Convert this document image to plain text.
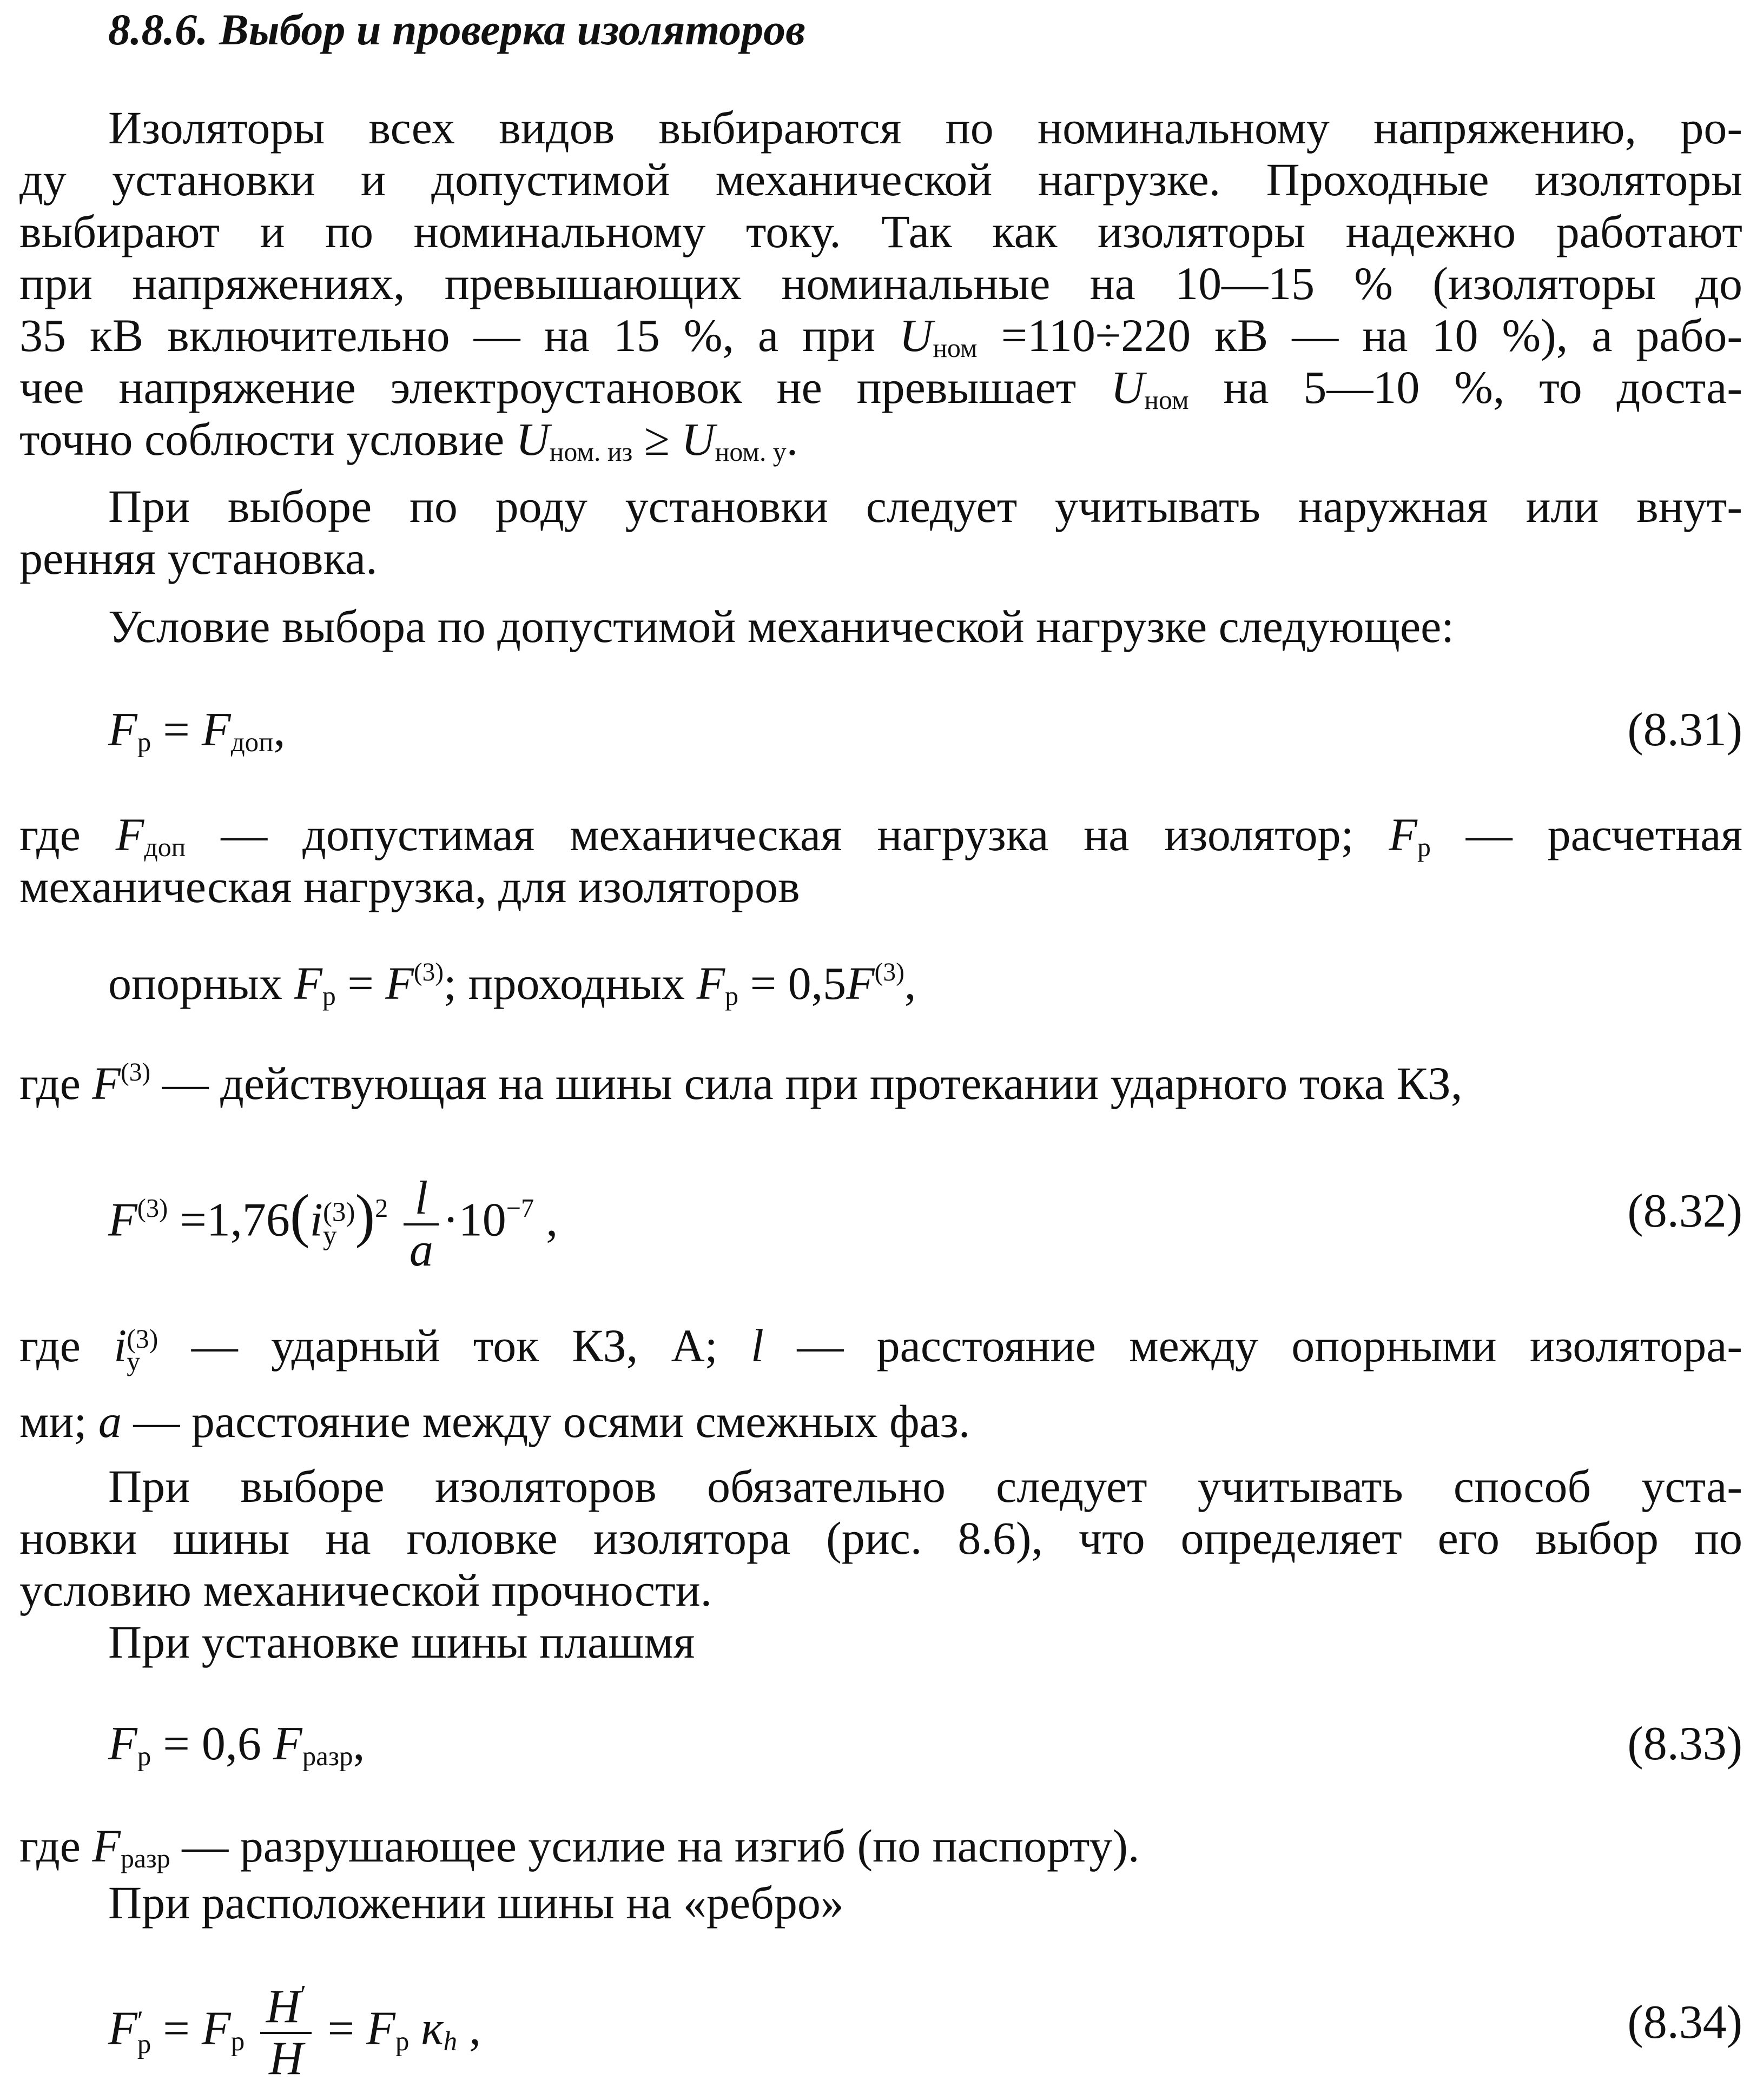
8.8.6. Выбор и проверка изоляторов
Изоляторы всех видов выбираются по номинальному напряжению, ро-
ду установки и допустимой механической нагрузке. Проходные изоляторы
выбирают и по номинальному току. Так как изоляторы надежно работают
при напряжениях, превышающих номинальные на 10—15 % (изоляторы до
35 кВ включительно — на 15 %, а при $U_{ном} =110\div 220$ кВ — на 10 %), а рабо-
чее напряжение электроустановок не превышает $U_{ном}$ на 5—10 %, то доста-
точно соблюсти условие $U_{ном. из} \ge U_{ном. у}$.
При выборе по роду установки следует учитывать наружная или внут-
ренняя установка.
Условие выбора по допустимой механической нагрузке следующее:
$F_р = F_{доп}$,	(8.31)
где $F_{доп}$ — допустимая механическая нагрузка на изолятор; $F_р$ — расчетная
механическая нагрузка, для изоляторов
опорных $F_р = F^{(3)}$; проходных $F_р = 0,5F^{(3)}$,
где $F^{(3)}$ — действующая на шины сила при протекании ударного тока КЗ,
$F^{(3)} =1,76(i$ (3)
у )$^2 \frac{l}{a} \cdot 10^{-7}$ ,	(8.32)
где i (3)
у — ударный ток КЗ, А; l — расстояние между опорными изолятора-
ми; a — расстояние между осями смежных фаз.
При выборе изоляторов обязательно следует учитывать способ уста-
новки шины на головке изолятора (рис. 8.6), что определяет его выбор по
условию механической прочности.
При установке шины плашмя
$F_р = 0,6$ $F_{разр}$,	(8.33)
где $F_{разр}$ — разрушающее усилие на изгиб (по паспорту).
При расположении шины на «ребро»
F ′
$р = F_р \frac{H'}{H} = F_р$ $к_h$ ,	(8.34)
